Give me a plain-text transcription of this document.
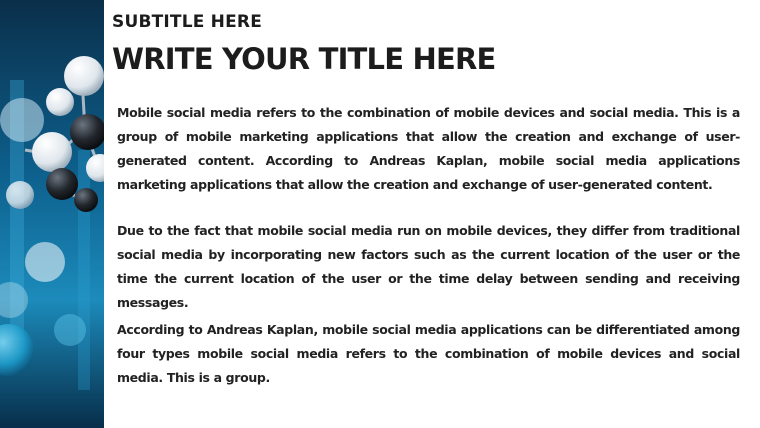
SUBTITLE HERE
WRITE YOUR TITLE HERE

Mobile social media refers to the combination of mobile devices and social media. This is a group of mobile marketing applications that allow the creation and exchange of user-generated content. According to Andreas Kaplan, mobile social media applications marketing applications that allow the creation and exchange of user-generated content.

Due to the fact that mobile social media run on mobile devices, they differ from traditional social media by incorporating new factors such as the current location of the user or the time the current location of the user or the time delay between sending and receiving messages.

According to Andreas Kaplan, mobile social media applications can be differentiated among four types mobile social media refers to the combination of mobile devices and social media. This is a group.
